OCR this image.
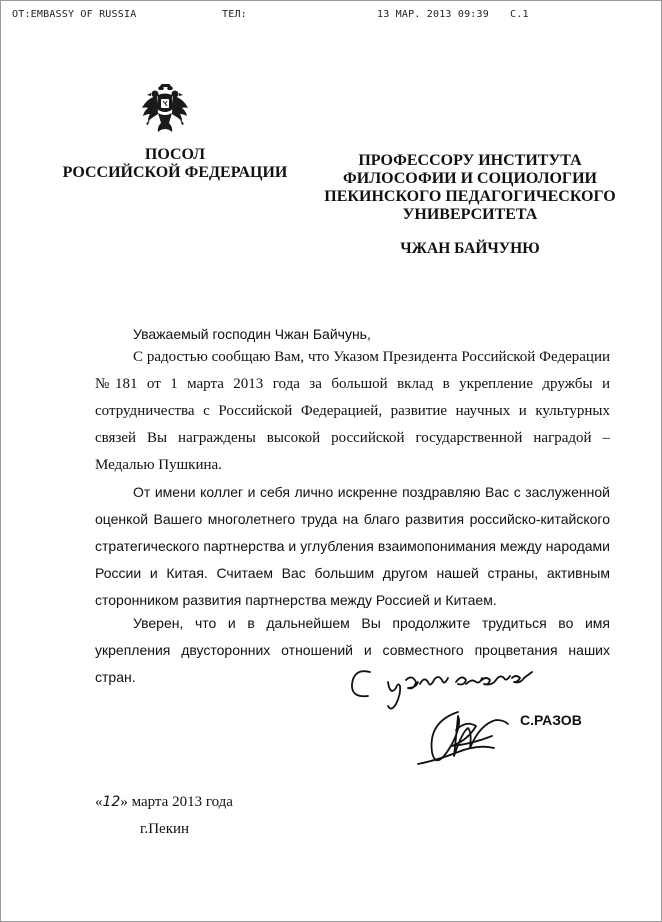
OT:EMBASSY OF RUSSIA	ТЕЛ:	13 МАР. 2013 09:39 С.1
ПОСОЛ
РОССИЙСКОЙ ФЕДЕРАЦИИ
ПРОФЕССОРУ ИНСТИТУТА
ФИЛОСОФИИ И СОЦИОЛОГИИ
ПЕКИНСКОГО ПЕДАГОГИЧЕСКОГО
УНИВЕРСИТЕТА
ЧЖАН БАЙЧУНЮ
Уважаемый господин Чжан Байчунь,

С радостью сообщаю Вам, что Указом Президента Российской Федерации №181 от 1 марта 2013 года за большой вклад в укрепление дружбы и сотрудничества с Российской Федерацией, развитие научных и культурных связей Вы награждены высокой российской государственной наградой – Медалью Пушкина.

От имени коллег и себя лично искренне поздравляю Вас с заслуженной оценкой Вашего многолетнего труда на благо развития российско-китайского стратегического партнерства и углубления взаимопонимания между народами России и Китая. Считаем Вас большим другом нашей страны, активным сторонником развития партнерства между Россией и Китаем.

Уверен, что и в дальнейшем Вы продолжите трудиться во имя укрепления двусторонних отношений и совместного процветания наших стран.

С.РАЗОВ
«12» марта 2013 года
г.Пекин
